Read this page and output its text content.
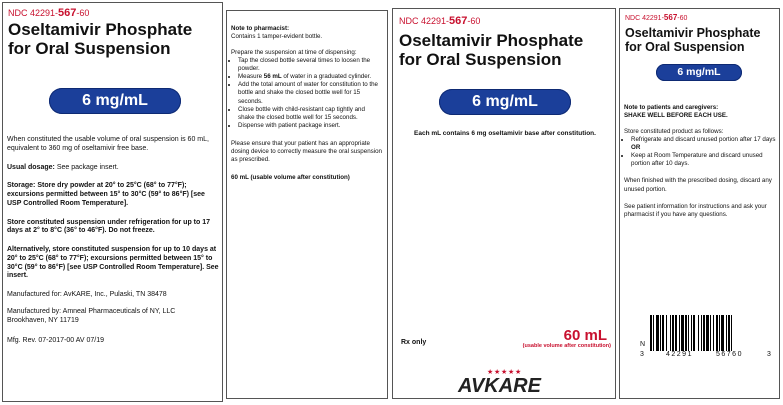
NDC 42291-567-60
Oseltamivir Phosphate
for Oral Suspension
6 mg/mL

When constituted the usable volume of oral suspension is 60 mL, equivalent to 360 mg of oseltamivir free base.

Usual dosage: See package insert.

Storage: Store dry powder at 20° to 25°C (68° to 77°F); excursions permitted between 15° to 30°C (59° to 86°F) [see USP Controlled Room Temperature].

Store constituted suspension under refrigeration for up to 17 days at 2° to 8°C (36° to 46°F). Do not freeze.

Alternatively, store constituted suspension for up to 10 days at 20° to 25°C (68° to 77°F); excursions permitted between 15° to 30°C (59° to 86°F) [see USP Controlled Room Temperature]. See insert.

Manufactured for: AvKARE, Inc., Pulaski, TN 38478

Manufactured by: Amneal Pharmaceuticals of NY, LLC

Brookhaven, NY 11719

Mfg. Rev. 07-2017-00 AV 07/19

Note to pharmacist:

Contains 1 tamper-evident bottle.

Prepare the suspension at time of dispensing:

• Tap the closed bottle several times to loosen the powder.
• Measure 56 mL of water in a graduated cylinder.
• Add the total amount of water for constitution to the bottle and shake the closed bottle well for 15 seconds.
• Close bottle with child-resistant cap tightly and shake the closed bottle well for 15 seconds.
• Dispense with patient package insert.

Please ensure that your patient has an appropriate dosing device to correctly measure the oral suspension as prescribed.

60 mL (usable volume after constitution)

NDC 42291-567-60
Oseltamivir Phosphate
for Oral Suspension
6 mg/mL
Each mL contains 6 mg oseltamivir base after constitution.
Rx only	60 mL
(usable volume after constitution)
★ ★ ★ ★ ★
AVKARE
NDC 42291-567-60
Oseltamivir Phosphate
for Oral Suspension
6 mg/mL

Note to patients and caregivers:

SHAKE WELL BEFORE EACH USE.

Store constituted product as follows:

• Refrigerate and discard unused portion after 17 days OR
• Keep at Room Temperature and discard unused portion after 10 days.

When finished with the prescribed dosing, discard any unused portion.

See patient information for instructions and ask your pharmacist if you have any questions.

N
3	42291	56760	3
